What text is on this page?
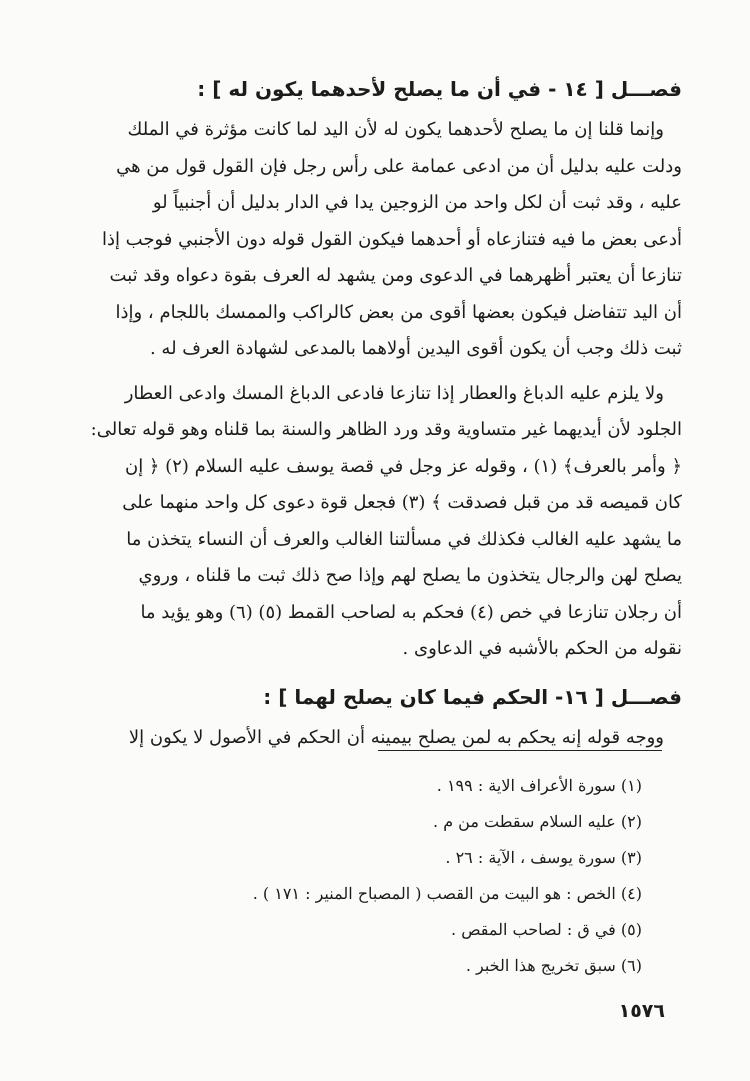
فصـــل [ ١٤ - في أن ما يصلح لأحدهما يكون له ] :

وإنما قلنا إن ما يصلح لأحدهما يكون له لأن اليد لما كانت مؤثرة في الملك

ودلت عليه بدليل أن من ادعى عمامة على رأس رجل فإن القول قول من هي

عليه ، وقد ثبت أن لكل واحد من الزوجين يدا في الدار بدليل أن أجنبياً لو

أدعى بعض ما فيه فتنازعاه أو أحدهما فيكون القول قوله دون الأجنبي فوجب إذا

تنازعا أن يعتبر أظهرهما في الدعوى ومن يشهد له العرف بقوة دعواه وقد ثبت

أن اليد تتفاضل فيكون بعضها أقوى من بعض كالراكب والممسك باللجام ، وإذا

ثبت ذلك وجب أن يكون أقوى اليدين أولاهما بالمدعى لشهادة العرف له .

ولا يلزم عليه الدباغ والعطار إذا تنازعا فادعى الدباغ المسك وادعى العطار

الجلود لأن أيديهما غير متساوية وقد ورد الظاهر والسنة بما قلناه وهو قوله تعالى:

﴿ وأمر بالعرف﴾ (١) ، وقوله عز وجل في قصة يوسف عليه السلام (٢) ﴿ إن

كان قميصه قد من قبل فصدقت ﴾ (٣) فجعل قوة دعوى كل واحد منهما على

ما يشهد عليه الغالب فكذلك في مسألتنا الغالب والعرف أن النساء يتخذن ما

يصلح لهن والرجال يتخذون ما يصلح لهم وإذا صح ذلك ثبت ما قلناه ، وروي

أن رجلان تنازعا في خص (٤) فحكم به لصاحب القمط (٥) (٦) وهو يؤيد ما

نقوله من الحكم بالأشبه في الدعاوى .

فصـــل [ ١٦- الحكم فيما كان يصلح لهما ] :

ووجه قوله إنه يحكم به لمن يصلح بيمينه أن الحكم في الأصول لا يكون إلا

(١) سورة الأعراف الاية : ١٩٩ .
(٢) عليه السلام سقطت من م .
(٣) سورة يوسف ، الآية : ٢٦ .
(٤) الخص : هو البيت من القصب ( المصباح المنير : ١٧١ ) .
(٥) في ق : لصاحب المقص .
(٦) سبق تخريج هذا الخبر .
١٥٧٦
